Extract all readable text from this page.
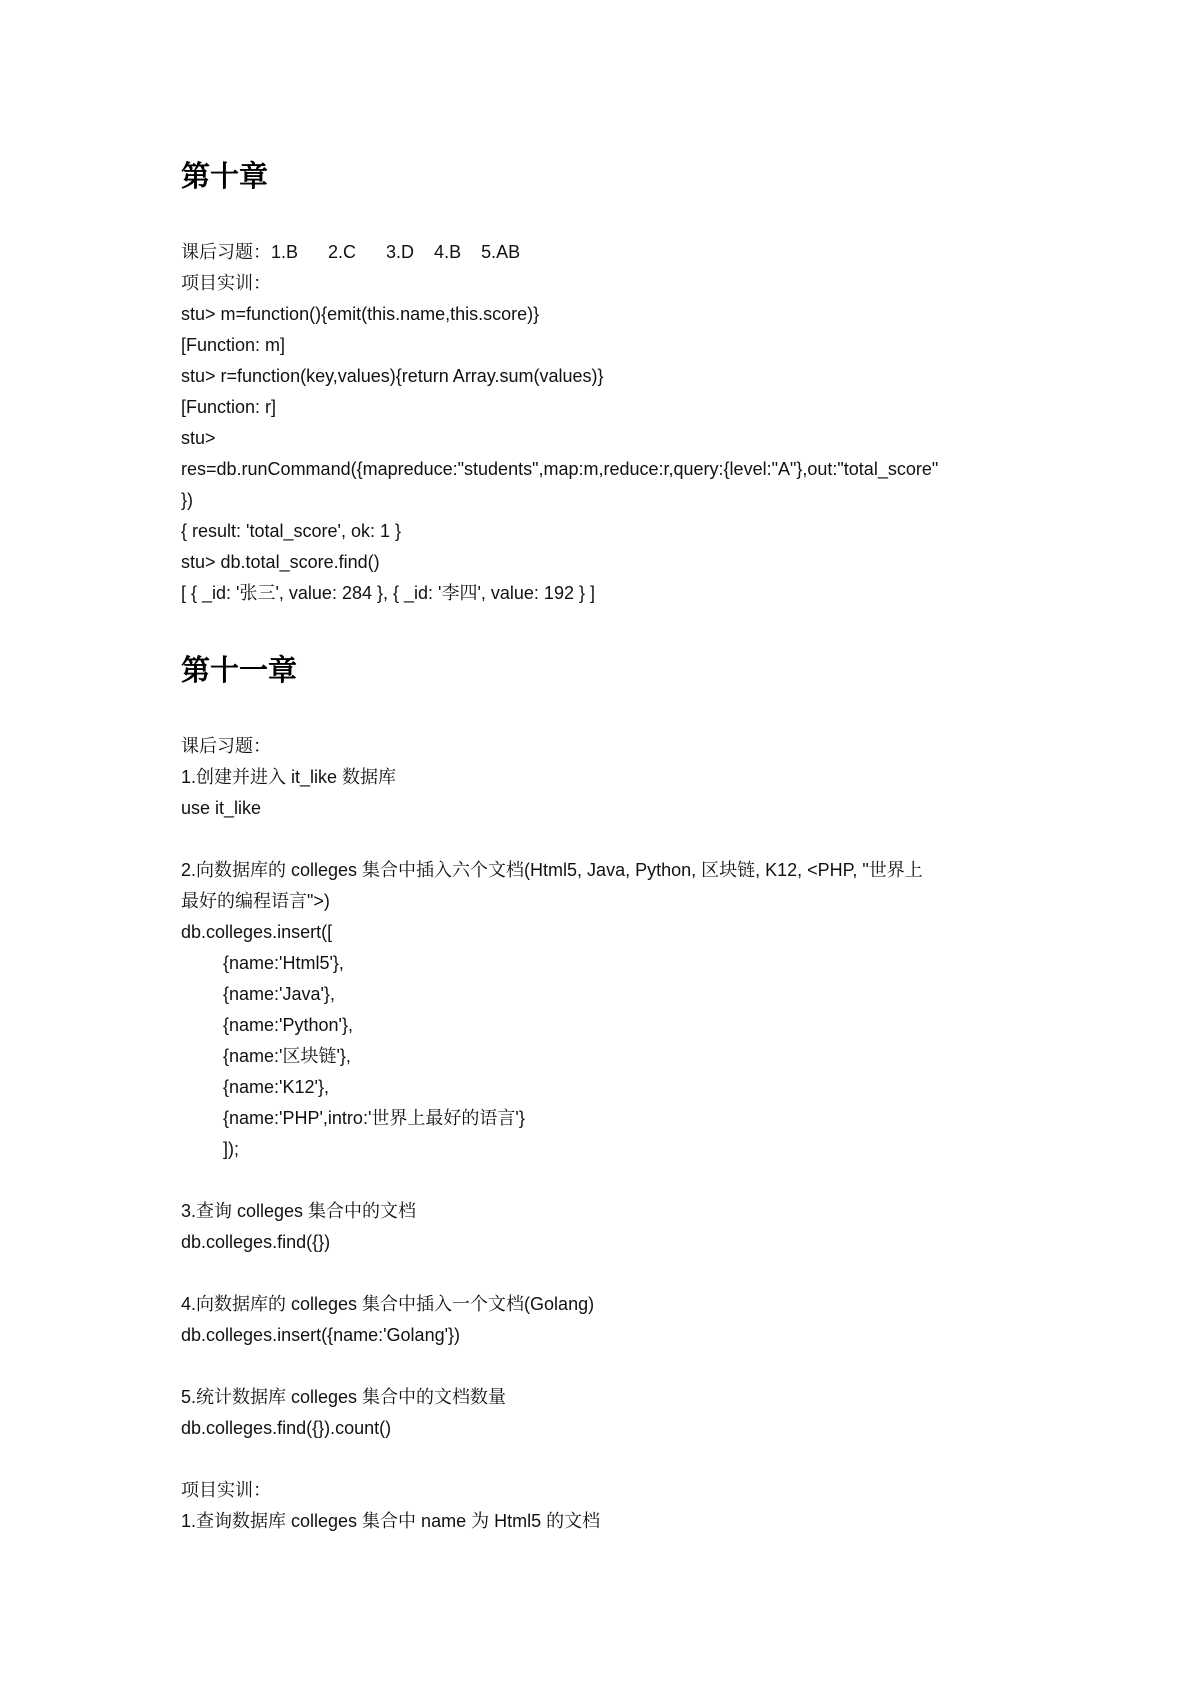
第十章
课后习题：1.B      2.C      3.D    4.B    5.AB
项目实训：
stu> m=function(){emit(this.name,this.score)}
[Function: m]
stu> r=function(key,values){return Array.sum(values)}
[Function: r]
stu>
res=db.runCommand({mapreduce:"students",map:m,reduce:r,query:{level:"A"},out:"total_score"
})
{ result: 'total_score', ok: 1 }
stu> db.total_score.find()
[ { _id: '张三', value: 284 }, { _id: '李四', value: 192 } ]
第十一章
课后习题：
1.创建并进入 it_like 数据库
use it_like
2.向数据库的 colleges 集合中插入六个文档(Html5, Java, Python, 区块链, K12, <PHP, "世界上
最好的编程语言">)
db.colleges.insert([
{name:'Html5'},
{name:'Java'},
{name:'Python'},
{name:'区块链'},
{name:'K12'},
{name:'PHP',intro:'世界上最好的语言'}
]);
3.查询 colleges 集合中的文档
db.colleges.find({})
4.向数据库的 colleges 集合中插入一个文档(Golang)
db.colleges.insert({name:'Golang'})
5.统计数据库 colleges 集合中的文档数量
db.colleges.find({}).count()
项目实训：
1.查询数据库 colleges 集合中 name 为 Html5 的文档
